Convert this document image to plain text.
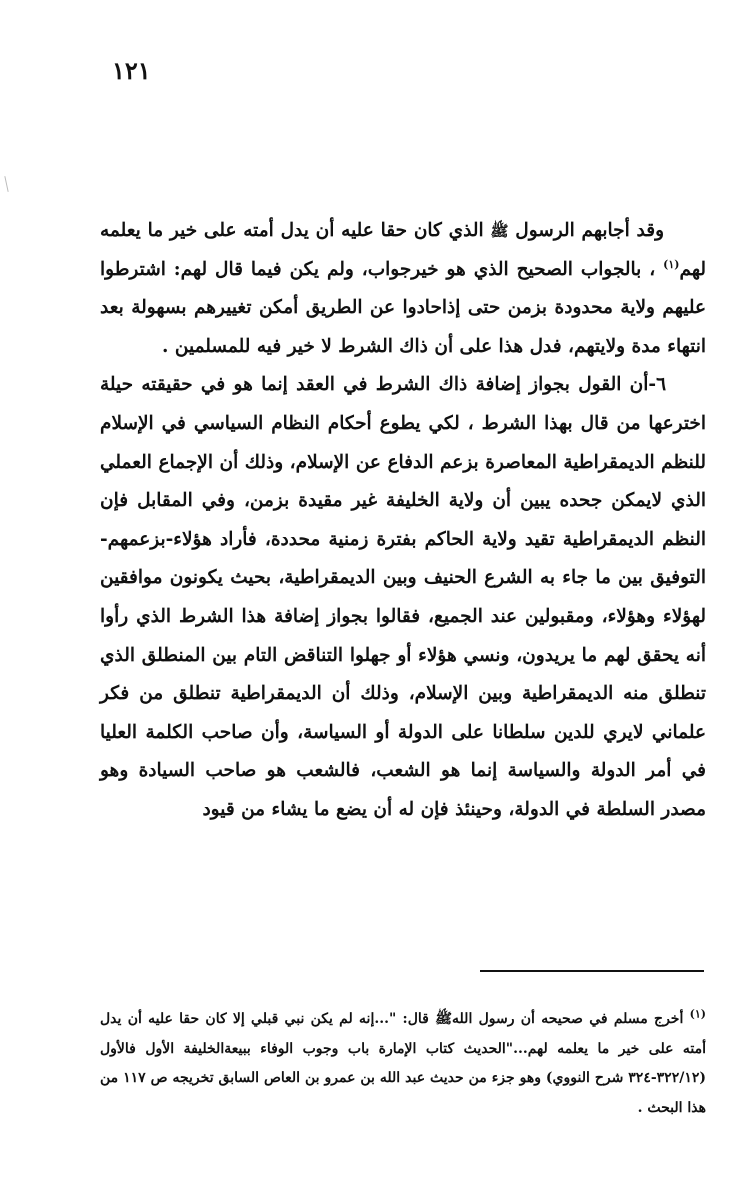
١٢١

وقد أجابهم الرسول ﷺ الذي كان حقا عليه أن يدل أمته على خير ما يعلمه لهم$^{(١)}$ ، بالجواب الصحيح الذي هو خيرجواب، ولم يكن فيما قال لهم: اشترطوا عليهم ولاية محدودة بزمن حتى إذاحادوا عن الطريق أمكن تغييرهم بسهولة بعد انتهاء مدة ولايتهم، فدل هذا على أن ذاك الشرط لا خير فيه للمسلمين .

٦-أن القول بجواز إضافة ذاك الشرط في العقد إنما هو في حقيقته حيلة اخترعها من قال بهذا الشرط ، لكي يطوع أحكام النظام السياسي في الإسلام للنظم الديمقراطية المعاصرة بزعم الدفاع عن الإسلام، وذلك أن الإجماع العملي الذي لايمكن جحده يبين أن ولاية الخليفة غير مقيدة بزمن، وفي المقابل فإن النظم الديمقراطية تقيد ولاية الحاكم بفترة زمنية محددة، فأراد هؤلاء-بزعمهم-التوفيق بين ما جاء به الشرع الحنيف وبين الديمقراطية، بحيث يكونون موافقين لهؤلاء وهؤلاء، ومقبولين عند الجميع، فقالوا بجواز إضافة هذا الشرط الذي رأوا أنه يحقق لهم ما يريدون، ونسي هؤلاء أو جهلوا التناقض التام بين المنطلق الذي تنطلق منه الديمقراطية وبين الإسلام، وذلك أن الديمقراطية تنطلق من فكر علماني لايري للدين سلطانا على الدولة أو السياسة، وأن صاحب الكلمة العليا في أمر الدولة والسياسة إنما هو الشعب، فالشعب هو صاحب السيادة وهو مصدر السلطة في الدولة، وحينئذ فإن له أن يضع ما يشاء من قيود

$^{(١)}$ أخرج مسلم في صحيحه أن رسول اللهﷺ قال: "...إنه لم يكن نبي قبلي إلا كان حقا عليه أن يدل أمته على خير ما يعلمه لهم..."الحديث كتاب الإمارة باب وجوب الوفاء ببيعةالخليفة الأول فالأول (٣٢٢/١٢-٣٢٤ شرح النووي) وهو جزء من حديث عبد الله بن عمرو بن العاص السابق تخريجه ص ١١٧ من هذا البحث .
